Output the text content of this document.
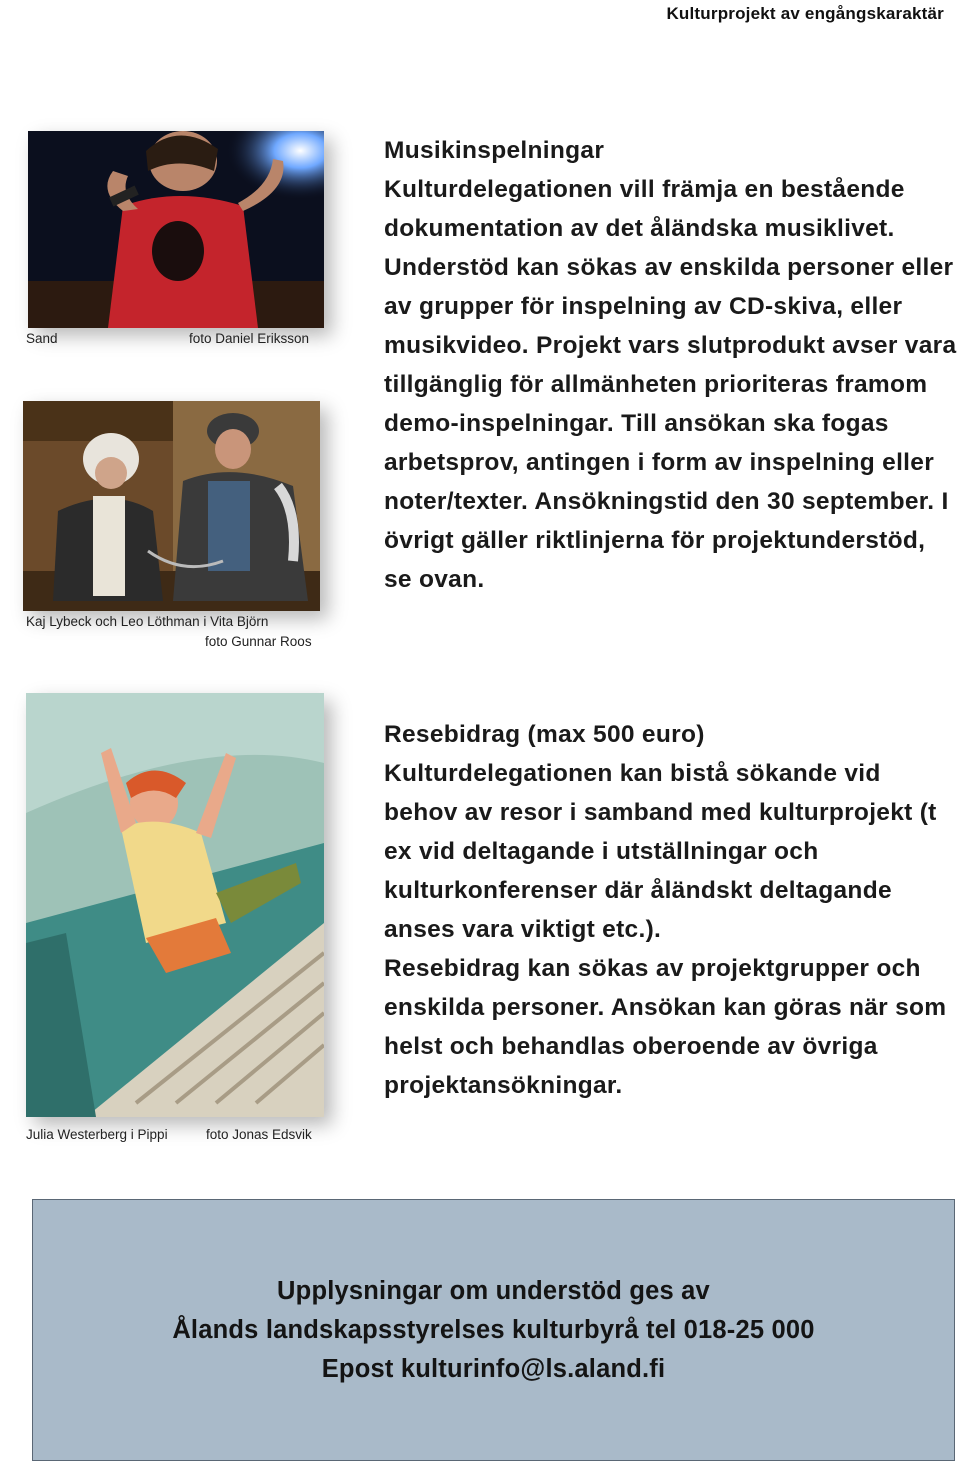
Kulturprojekt av engångskaraktär
Sand	foto Daniel Eriksson
Kaj Lybeck och Leo Löthman i Vita Björn
foto Gunnar Roos
Julia Westerberg i Pippi	foto Jonas Edsvik

Musikinspelningar

Kulturdelegationen vill främja en bestående dokumentation av det åländska musiklivet. Understöd kan sökas av enskilda personer eller av grupper för inspelning av CD-skiva, eller musikvideo. Projekt vars slutprodukt avser vara tillgänglig för allmänheten prioriteras framom demo-inspelningar. Till ansökan ska fogas arbetsprov, antingen i form av inspelning eller noter/texter. Ansökningstid den 30 september. I övrigt gäller riktlinjerna för projektunderstöd, se ovan.

Resebidrag (max 500 euro)

Kulturdelegationen kan bistå sökande vid behov av resor i samband med kulturprojekt (t ex vid deltagande i utställningar och kulturkonferenser där åländskt deltagande anses vara viktigt etc.).

Resebidrag kan sökas av projektgrupper och enskilda personer. Ansökan kan göras när som helst och behandlas oberoende av övriga projektansökningar.

Upplysningar om understöd ges av
Ålands landskapsstyrelses kulturbyrå tel 018-25 000
Epost kulturinfo@ls.aland.fi
